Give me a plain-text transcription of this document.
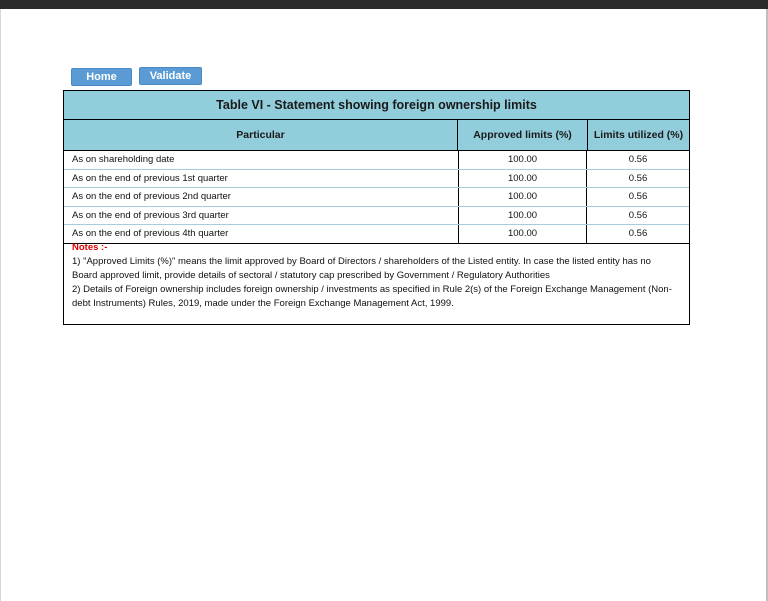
Home	Validate
Table VI - Statement showing foreign ownership limits
Particular	Approved limits (%)	Limits utilized (%)
As on shareholding date	100.00	0.56
As on the end of previous 1st quarter	100.00	0.56
As on the end of previous 2nd quarter	100.00	0.56
As on the end of previous 3rd quarter	100.00	0.56
As on the end of previous 4th quarter	100.00	0.56
Notes :-
1) "Approved Limits (%)" means the limit approved by Board of Directors / shareholders of the Listed entity. In case the listed entity has no
Board approved limit, provide details of sectoral / statutory cap prescribed by Government / Regulatory Authorities
2) Details of Foreign ownership includes foreign ownership / investments as specified in Rule 2(s) of the Foreign Exchange Management (Non-
debt Instruments) Rules, 2019, made under the Foreign Exchange Management Act, 1999.
